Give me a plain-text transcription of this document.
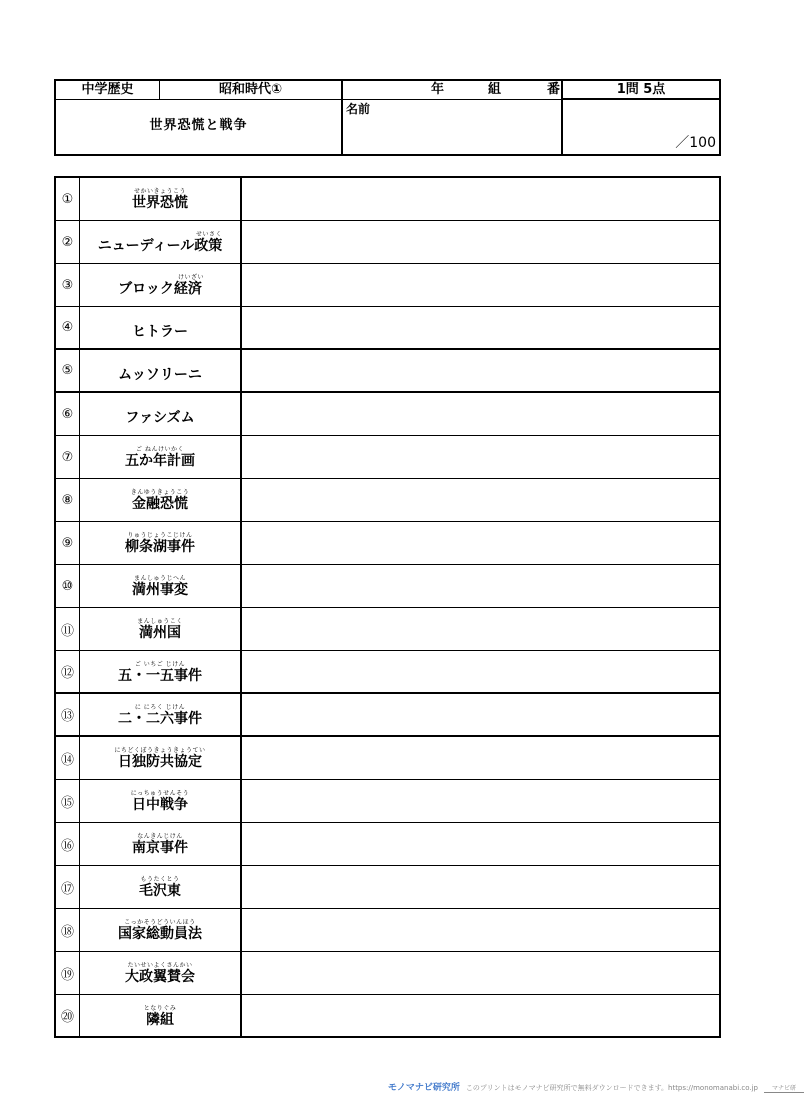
中学歴史	昭和時代①	年	組	番	1問 5点
世界恐慌と戦争
名前
／100
①	せかいきょうこう
世界恐慌
②	せいさく
ニューディール政策
③	けいざい
ブロック経済
④	ヒトラー
⑤	ムッソリーニ
⑥	ファシズム
⑦	ご ねんけいかく
五か年計画
⑧	きんゆうきょうこう
金融恐慌
⑨	りゅうじょうこじけん
柳条湖事件
⑩	まんしゅうじへん
満州事変
⑪
まんしゅうこく
満州国
⑫
ご いちご じけん
五・一五事件
⑬
に にろく じけん
二・二六事件
⑭
にちどくぼうきょうきょうてい
日独防共協定
⑮
にっちゅうせんそう
日中戦争
⑯
なんきんじけん
南京事件
⑰
もうたくとう
毛沢東
⑱
こっかそうどういんほう
国家総動員法
⑲
たいせいよくさんかい
大政翼賛会
⑳
となりぐみ
隣組
モノマナビ研究所 このプリントはモノマナビ研究所で無料ダウンロードできます。https://monomanabi.co.jp マナビ研
